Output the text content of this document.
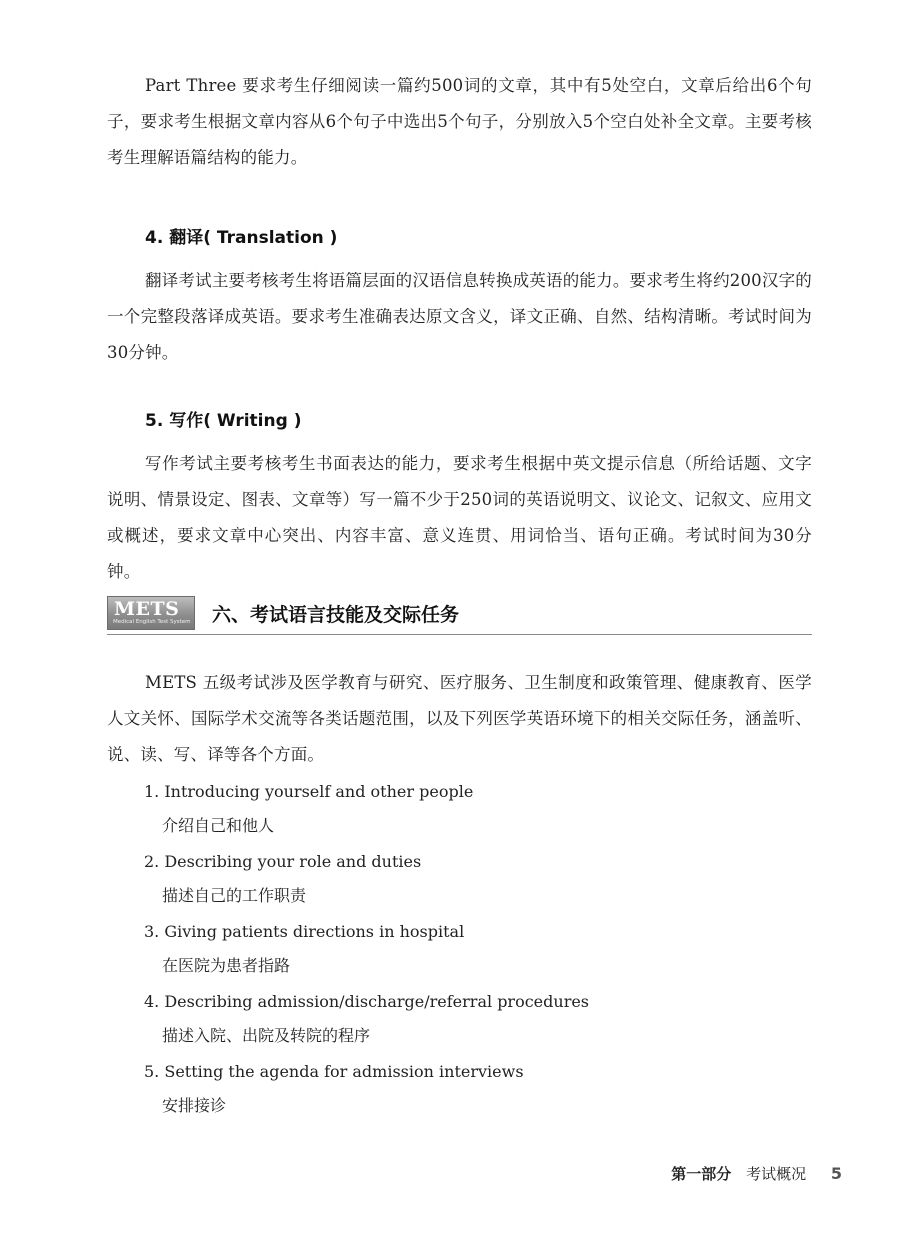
Part Three 要求考生仔细阅读一篇约500词的文章，其中有5处空白，文章后给出6个句子，要求考生根据文章内容从6个句子中选出5个句子，分别放入5个空白处补全文章。主要考核考生理解语篇结构的能力。

4. 翻译( Translation )

翻译考试主要考核考生将语篇层面的汉语信息转换成英语的能力。要求考生将约200汉字的一个完整段落译成英语。要求考生准确表达原文含义，译文正确、自然、结构清晰。考试时间为30分钟。

5. 写作( Writing )

写作考试主要考核考生书面表达的能力，要求考生根据中英文提示信息（所给话题、文字说明、情景设定、图表、文章等）写一篇不少于250词的英语说明文、议论文、记叙文、应用文或概述，要求文章中心突出、内容丰富、意义连贯、用词恰当、语句正确。考试时间为30分钟。

METS
Medical English Test System 六、考试语言技能及交际任务

METS 五级考试涉及医学教育与研究、医疗服务、卫生制度和政策管理、健康教育、医学人文关怀、国际学术交流等各类话题范围，以及下列医学英语环境下的相关交际任务，涵盖听、说、读、写、译等各个方面。

1. Introducing yourself and other people
介绍自己和他人
2. Describing your role and duties
描述自己的工作职责
3. Giving patients directions in hospital
在医院为患者指路
4. Describing admission/discharge/referral procedures
描述入院、出院及转院的程序
5. Setting the agenda for admission interviews
安排接诊
第一部分 考试概况 5
